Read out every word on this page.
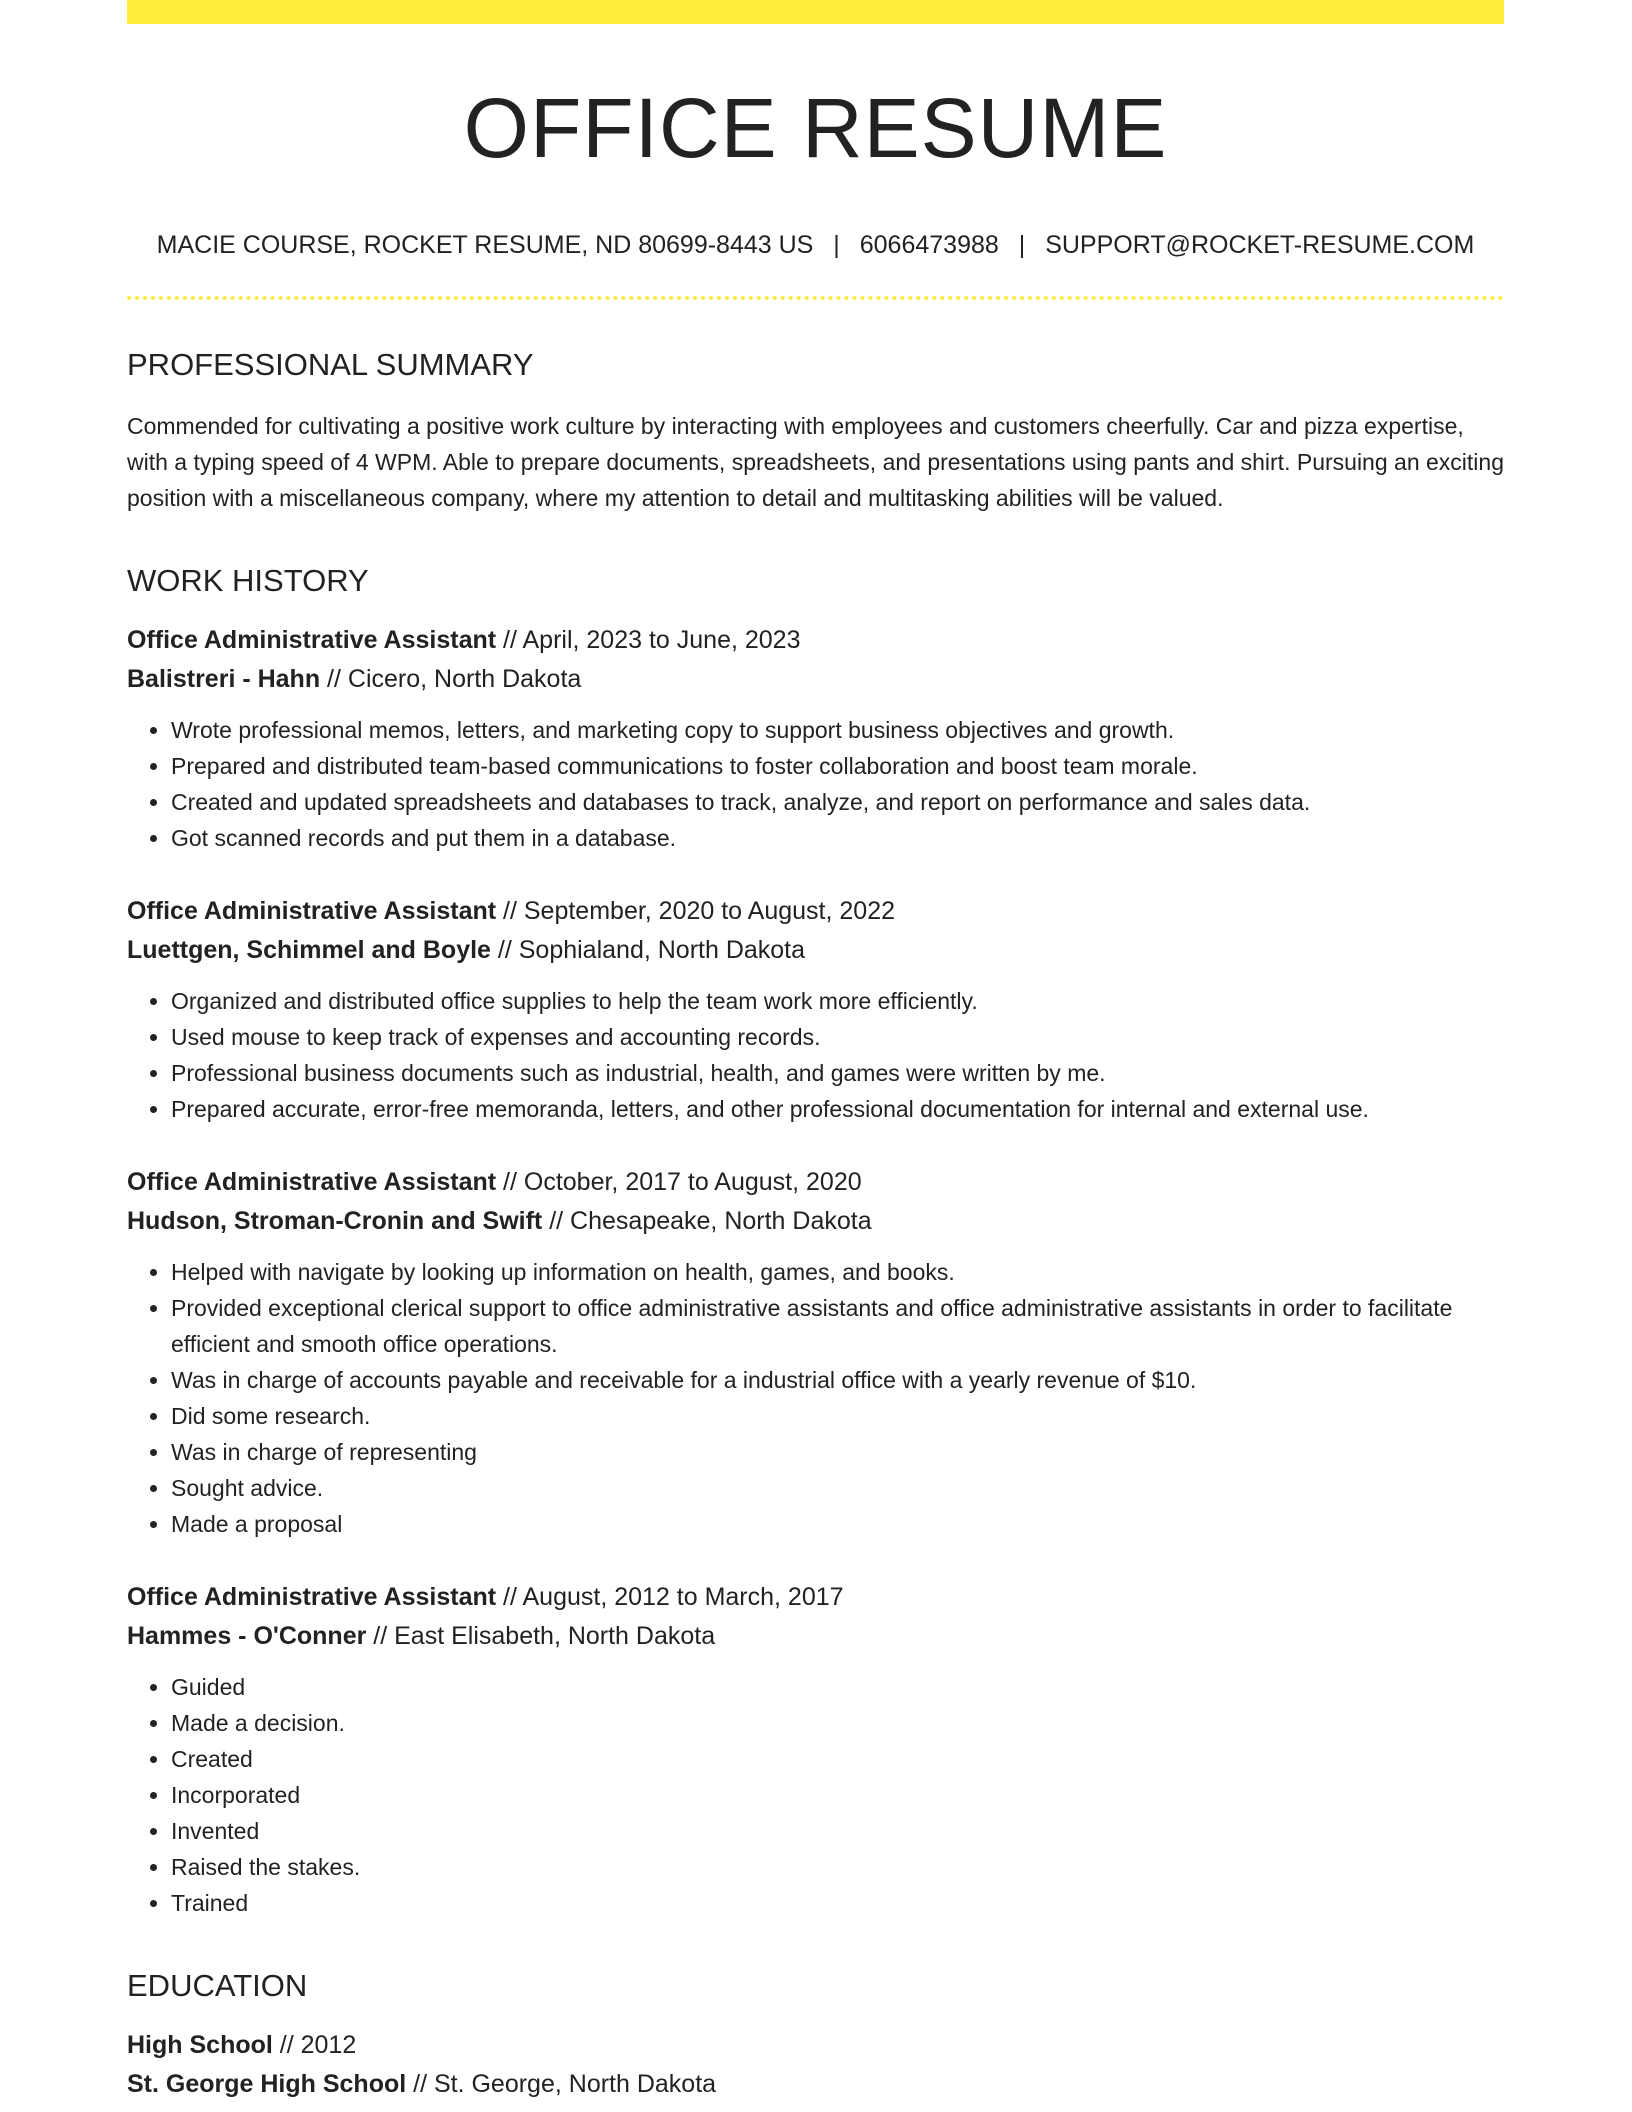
OFFICE RESUME
MACIE COURSE, ROCKET RESUME, ND 80699-8443 US | 6066473988 | SUPPORT@ROCKET-RESUME.COM
PROFESSIONAL SUMMARY

Commended for cultivating a positive work culture by interacting with employees and customers cheerfully. Car and pizza expertise, with a typing speed of 4 WPM. Able to prepare documents, spreadsheets, and presentations using pants and shirt. Pursuing an exciting position with a miscellaneous company, where my attention to detail and multitasking abilities will be valued.

WORK HISTORY
Office Administrative Assistant // April, 2023 to June, 2023
Balistreri - Hahn // Cicero, North Dakota
• Wrote professional memos, letters, and marketing copy to support business objectives and growth.
• Prepared and distributed team-based communications to foster collaboration and boost team morale.
• Created and updated spreadsheets and databases to track, analyze, and report on performance and sales data.
• Got scanned records and put them in a database.
Office Administrative Assistant // September, 2020 to August, 2022
Luettgen, Schimmel and Boyle // Sophialand, North Dakota
• Organized and distributed office supplies to help the team work more efficiently.
• Used mouse to keep track of expenses and accounting records.
• Professional business documents such as industrial, health, and games were written by me.
• Prepared accurate, error-free memoranda, letters, and other professional documentation for internal and external use.
Office Administrative Assistant // October, 2017 to August, 2020
Hudson, Stroman-Cronin and Swift // Chesapeake, North Dakota
• Helped with navigate by looking up information on health, games, and books.
• Provided exceptional clerical support to office administrative assistants and office administrative assistants in order to facilitate efficient and smooth office operations.
• Was in charge of accounts payable and receivable for a industrial office with a yearly revenue of $10.
• Did some research.
• Was in charge of representing
• Sought advice.
• Made a proposal
Office Administrative Assistant // August, 2012 to March, 2017
Hammes - O'Conner // East Elisabeth, North Dakota
• Guided
• Made a decision.
• Created
• Incorporated
• Invented
• Raised the stakes.
• Trained
EDUCATION
High School // 2012
St. George High School // St. George, North Dakota
